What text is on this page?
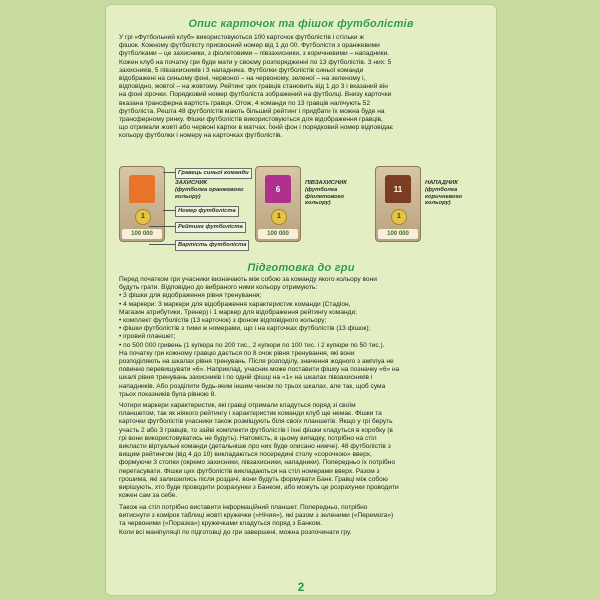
Опис карточок та фішок футболістів
У грі «Футбольний клуб» використовуються 100 карточок футболістів і стільки ж
фішок. Кожному футболісту присвоєний номер від 1 до 00. Футболісти з оранжевими
футболками – це захисники, з фіолетовими – півзахисники, з коричневими – нападники.
Кожен клуб на початку гри буде мати у своєму розпорядженні по 13 футболістів. З них: 5
захисників, 5 півзахисників і 3 нападника. Футболки футболістів синьої команди
відображені на синьому фоні, червоної – на червоному, зеленої – на зеленому і,
відповідно, жовтої – на жовтому. Рейтинг цих гравців становить від 1 до 3 і вказаний він
на фоні зірочки. Порядковий номер футболіста зображений на футболці. Внизу карточки
вказана трансферна вартість гравця. Отож, 4 команди по 13 гравців налічують 52
футболіста. Решта 48 футболістів мають більший рейтинг і придбати їх можна буде на
трансферному ринку. Фішки футболістів використовуються для відображення гравців,
що отримали жовті або червоні картки в матчах. Їхній фон і порядковий номер відповідає
кольору футболки і номеру на карточках футболістів.
1
100 000
Гравець синьої команди
ЗАХИСНИК
(футболка оранжевого кольору)
Номер футболіста
Рейтинг футболіста
Вартість футболіста
6
1
100 000
ПІВЗАХИСНИК
(футболка фіолетового кольору)
11
1
100 000
НАПАДНИК
(футболка коричневого кольору)
Підготовка до гри
Перед початком гри учасники визначають між собою за команду якого кольору вони
будуть грати. Відповідно до вибраного ними кольору отримують:
• 3 фішки для відображення рівня тренування;
• 4 маркери: 3 маркери для відображення характеристик команди (Стадіон,
Магазин атрибутики, Тренер) і 1 маркер для відображення рейтингу команди;
• комплект футболістів (13 карточок) з фоном відповідного кольору;
• фішки футболістів з тими ж номерами, що і на карточках футболістів (13 фішок);
• ігровий планшет;
• по 500 000 гривень (1 купюра по 200 тис., 2 купюри по 100 тис. і 2 купюри по 50 тис.).
На початку гри кожному гравцю дається по 8 очок рівня тренування, які вони
розподіляють на шкалах рівня тренувань. Після розподілу, значення жодного з амплуа не
повинно перевищувати «6». Наприклад, учасник може поставити фішку на позначку «6» на
шкалі рівня тренувань захисників і по одній фішці на «1» на шкалах півзахисників і
нападників. Або розділити будь-яким іншим чином по трьох шкалах, але так, щоб сума
трьох показників була рівною 8.
Чотири маркери характеристик, які гравці отримали кладуться поряд зі своїм
планшетом, так як ніякого рейтингу і характеристик команди клуб ще немає. Фішки та
карточки футболістів учасники також розміщують біля своїх планшетів. Якщо у грі беруть
участь 2 або 3 гравців, то зайві комплекти футболістів і їхні фішки кладуться в коробку (в
грі вони використовуватись не будуть). Натомість, в цьому випадку, потрібно на стіл
викласти віртуальні команди (детальніше про них буде описано нижче). 48 футболістів з
вищим рейтингом (від 4 до 10) викладаються посередині столу «сорочкою» вверх,
формуючи 3 стопки (окремо захисники, півзахисники, нападники). Попередньо їх потрібно
перетасувати. Фішки цих футболістів викладаються на стіл номерами вверх. Разом з
грошима, які залишились після роздачі, вони будуть формувати Банк. Гравці між собою
вирішують, хто буде проводити розрахунки з Банком, або можуть це розрахунки проводити
кожен сам за себе.
Також на стіл потрібно виставити інформаційний планшет. Попередньо, потрібно
витиснути з комірок таблиці жовті кружечки («Нічия»), які разом з зеленими («Перемога»)
та червоними («Поразка») кружечками кладуться поряд з Банком.
Коли всі маніпуляції по підготовці до гри завершені, можна розпочинати гру.
2
